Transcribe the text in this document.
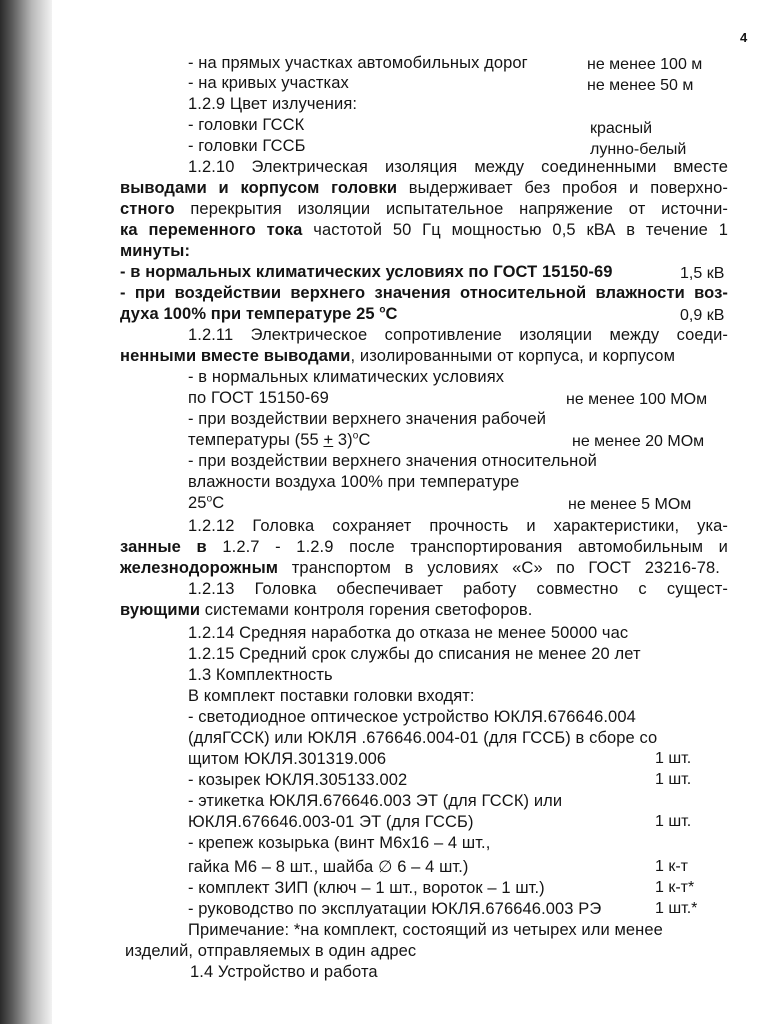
4
- на прямых участках автомобильных дорог	не менее 100 м
- на кривых участках	не менее 50 м
1.2.9 Цвет излучения:
- головки ГССК	красный
- головки ГССБ	лунно-белый
1.2.10 Электрическая изоляция между соединенными вместе
выводами и корпусом головки выдерживает без пробоя и поверхно-
стного перекрытия изоляции испытательное напряжение от источни-
ка переменного тока частотой 50 Гц мощностью 0,5 кВА в течение 1
минуты:
- в нормальных климатических условиях по ГОСТ 15150-69	1,5 кВ
- при воздействии верхнего значения относительной влажности воз-
духа 100% при температуре 25 $^о$С	0,9 кВ
1.2.11 Электрическое сопротивление изоляции между соеди-
ненными вместе выводами, изолированными от корпуса, и корпусом
- в нормальных климатических условиях
по ГОСТ 15150-69	не менее 100 МОм
- при воздействии верхнего значения рабочей
температуры $(55 + 3)^оС$	не менее 20 МОм
- при воздействии верхнего значения относительной
влажности воздуха 100% при температуре
$25^оС$	не менее 5 МОм
1.2.12 Головка сохраняет прочность и характеристики, ука-
занные в 1.2.7 - 1.2.9 после транспортирования автомобильным и
железнодорожным транспортом в условиях «С» по ГОСТ 23216-78.
1.2.13 Головка обеспечивает работу совместно с сущест-
вующими системами контроля горения светофоров.
1.2.14 Средняя наработка до отказа не менее 50000 час
1.2.15 Средний срок службы до списания не менее 20 лет
1.3 Комплектность
В комплект поставки головки входят:
- светодиодное оптическое устройство ЮКЛЯ.676646.004
(дляГССК) или ЮКЛЯ .676646.004-01 (для ГССБ) в сборе со
щитом ЮКЛЯ.301319.006	1 шт.
- козырек ЮКЛЯ.305133.002	1 шт.
- этикетка ЮКЛЯ.676646.003 ЭТ (для ГССК) или
ЮКЛЯ.676646.003-01 ЭТ (для ГССБ)	1 шт.
- крепеж козырька (винт М6х16 – 4 шт.,
гайка М6 – 8 шт., шайба ∅ 6 – 4 шт.)	1 к-т
- комплект ЗИП (ключ – 1 шт., вороток – 1 шт.)	1 к-т*
- руководство по эксплуатации ЮКЛЯ.676646.003 РЭ	1 шт.*
Примечание: *на комплект, состоящий из четырех или менее
изделий, отправляемых в один адрес
1.4 Устройство и работа
